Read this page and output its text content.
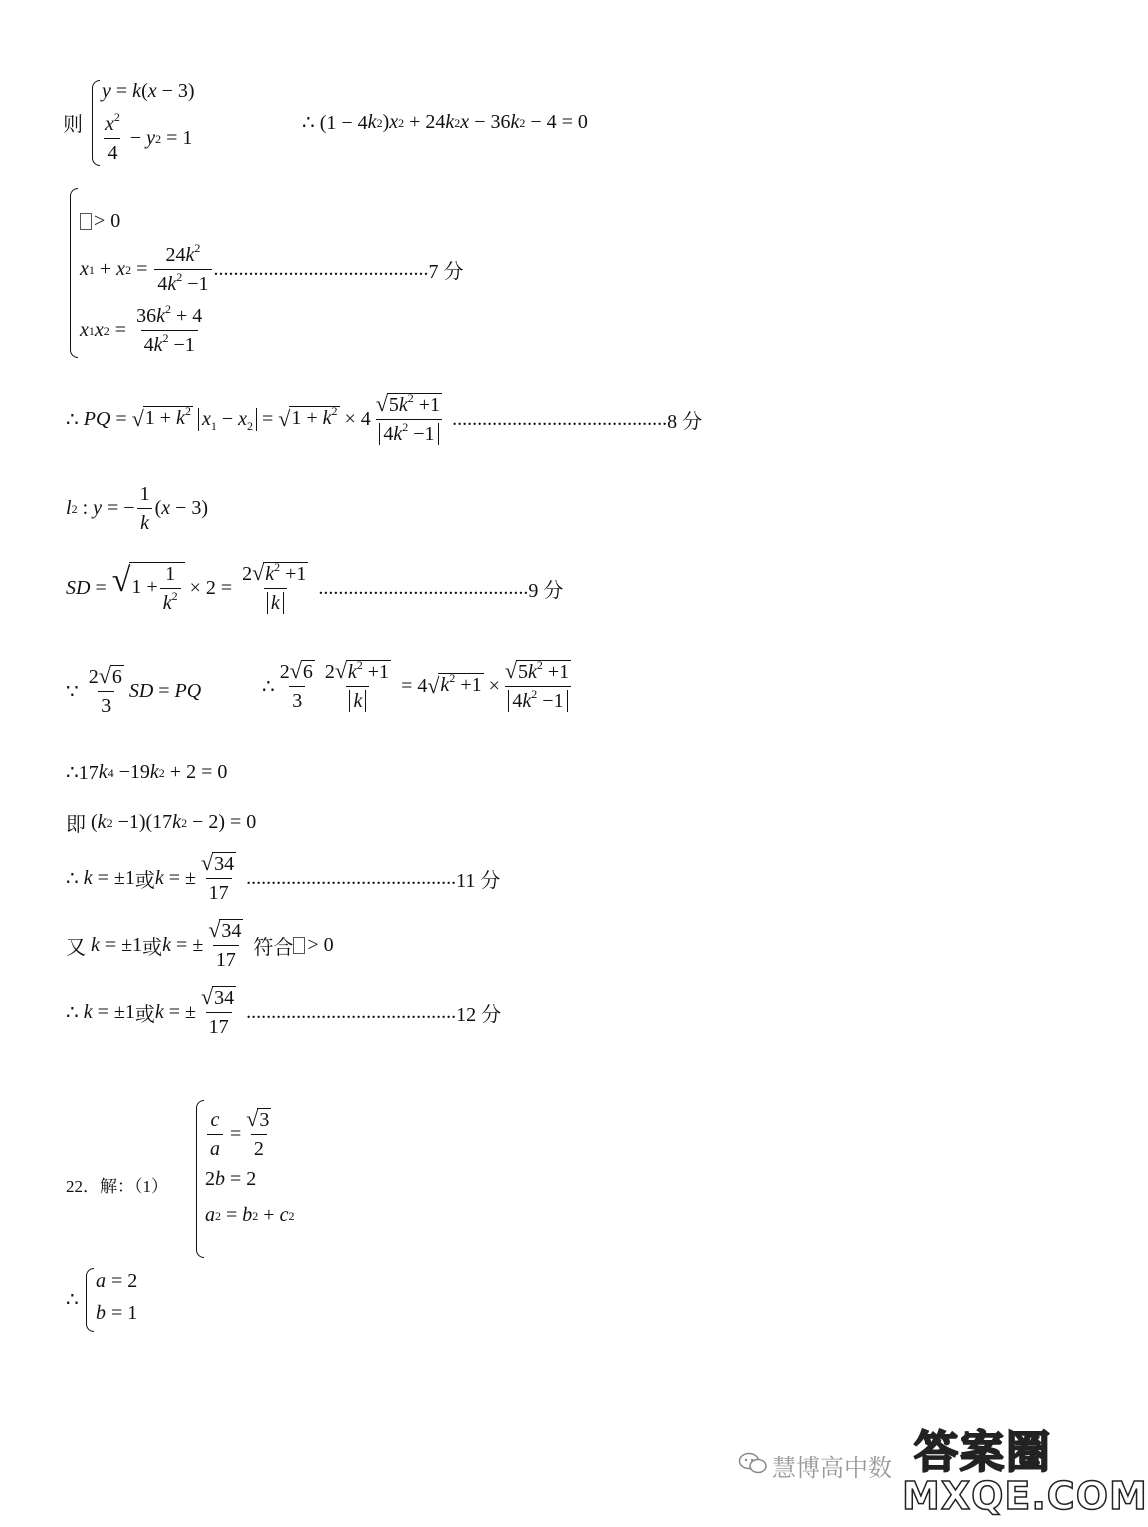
则
y = k ( x − 3)
$x^2$
4
− y 2 = 1
∴ (1 − 4 k 2 ) x 2 + 24 k 2 x − 36 k 2 − 4 = 0
> 0
x 1 + x 2 =
$24k^2$
$4k^2 -1$
........................................... 7 分
x 1 x 2 =
$36k^2 + 4$
$4k^2 -1$
∴ PQ = √ $1 + k^2$
$x_1 - x_2$ = √ $1 + k^2 \times 4$
√ $5k^2 +1$
$4k^2 -1$
........................................... 8 分
l 2 : y = −
1
k
( x − 3)
SD = √ $1 + \frac{1}{k^2} \times 2$ =
2 √ $k^2 +1$
k
.......................................... 9 分
∵
2 √ 6
3
SD = PQ	∴
2 √ 6
3
2 √ $k^2 +1$
k
= 4 √ $k^2 +1$ ×
√ $5k^2 +1$
$4k^2 -1$
∴17 k 4 −19 k 2 + 2 = 0
即 ( k 2 −1)(17 k 2 − 2) = 0
∴ k = ±1 或 k = ±
√ 34
17
.......................................... 11 分
又
k = ±1 或 k = ±
√ 34
17

符合 > 0
∴ k = ±1 或 k = ±
√ 34
17
.......................................... 12 分
22．解：（1）
c
a
=
√ 3
2
2 b = 2
a 2 = b 2 + c 2
∴
a = 2
b = 1
慧博高中数 答案圈
MXQE.COM
